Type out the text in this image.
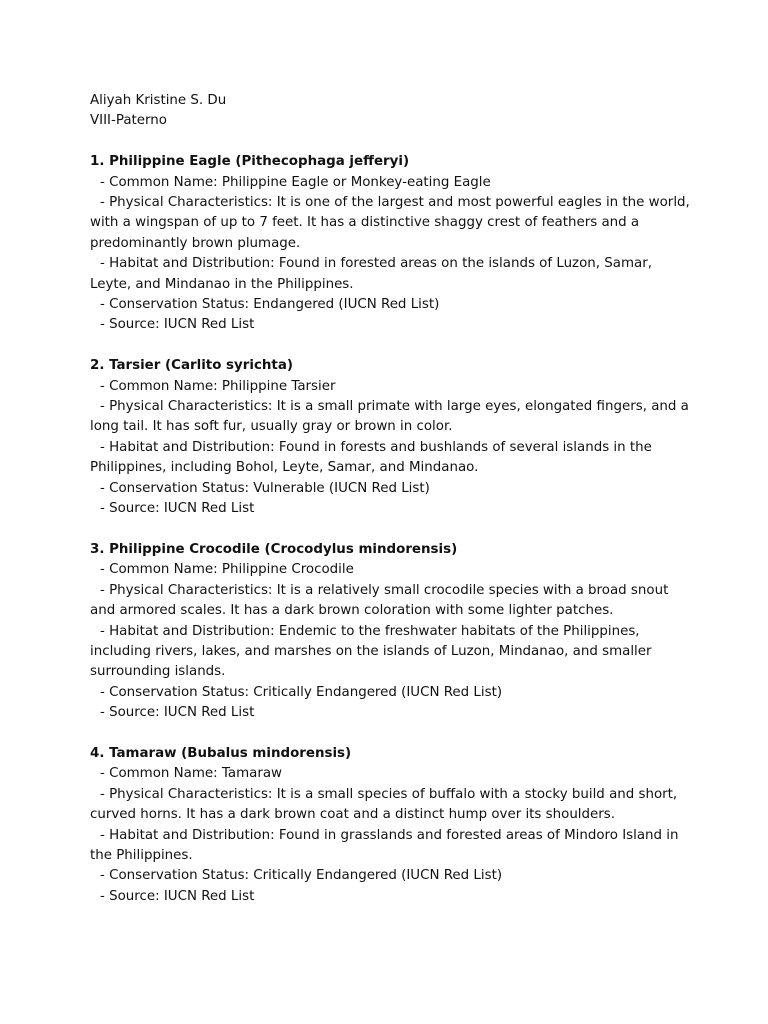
Aliyah Kristine S. Du

VIII-Paterno

1. Philippine Eagle (Pithecophaga jefferyi)

- Common Name: Philippine Eagle or Monkey-eating Eagle

- Physical Characteristics: It is one of the largest and most powerful eagles in the world, with a wingspan of up to 7 feet. It has a distinctive shaggy crest of feathers and a predominantly brown plumage.

- Habitat and Distribution: Found in forested areas on the islands of Luzon, Samar, Leyte, and Mindanao in the Philippines.

- Conservation Status: Endangered (IUCN Red List)

- Source: IUCN Red List

2. Tarsier (Carlito syrichta)

- Common Name: Philippine Tarsier

- Physical Characteristics: It is a small primate with large eyes, elongated fingers, and a long tail. It has soft fur, usually gray or brown in color.

- Habitat and Distribution: Found in forests and bushlands of several islands in the Philippines, including Bohol, Leyte, Samar, and Mindanao.

- Conservation Status: Vulnerable (IUCN Red List)

- Source: IUCN Red List

3. Philippine Crocodile (Crocodylus mindorensis)

- Common Name: Philippine Crocodile

- Physical Characteristics: It is a relatively small crocodile species with a broad snout and armored scales. It has a dark brown coloration with some lighter patches.

- Habitat and Distribution: Endemic to the freshwater habitats of the Philippines, including rivers, lakes, and marshes on the islands of Luzon, Mindanao, and smaller surrounding islands.

- Conservation Status: Critically Endangered (IUCN Red List)

- Source: IUCN Red List

4. Tamaraw (Bubalus mindorensis)

- Common Name: Tamaraw

- Physical Characteristics: It is a small species of buffalo with a stocky build and short, curved horns. It has a dark brown coat and a distinct hump over its shoulders.

- Habitat and Distribution: Found in grasslands and forested areas of Mindoro Island in the Philippines.

- Conservation Status: Critically Endangered (IUCN Red List)

- Source: IUCN Red List
